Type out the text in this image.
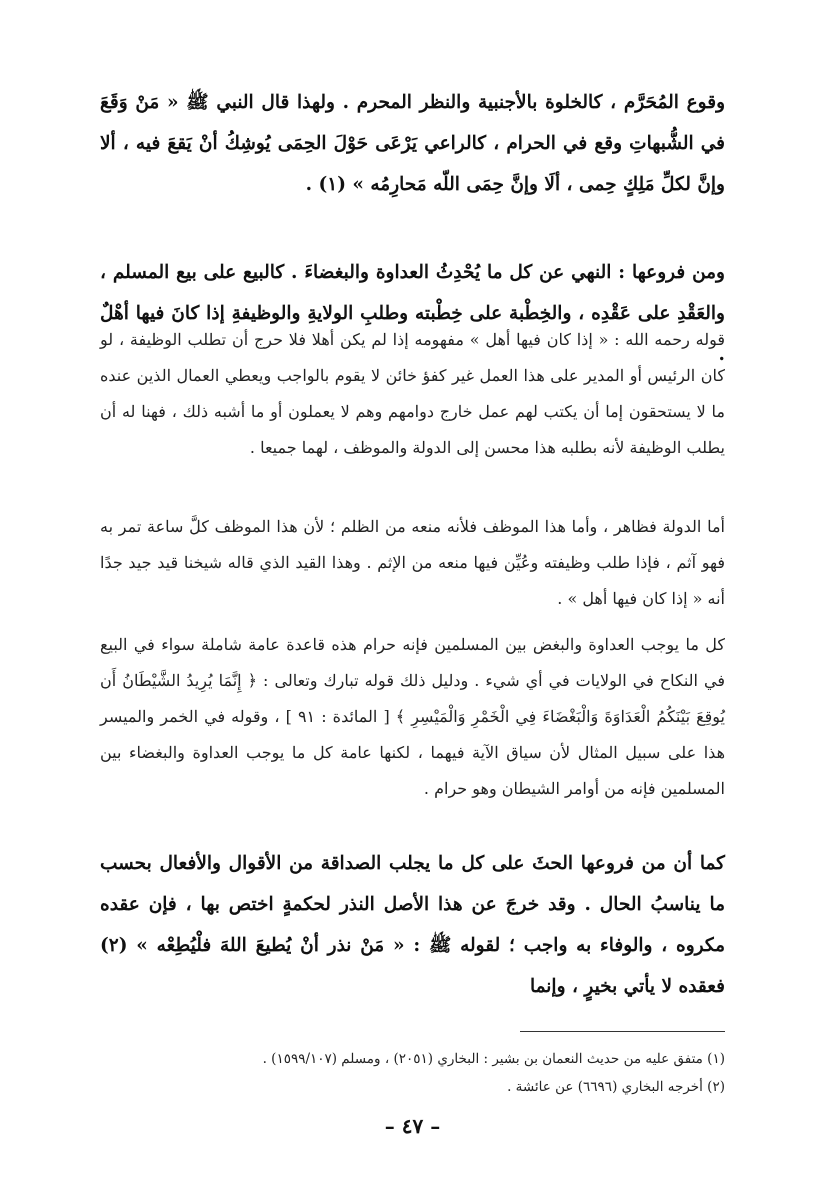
وقوع المُحَرَّم ، كالخلوة بالأجنبية والنظر المحرم . ولهذا قال النبي ﷺ « مَنْ وَقَعَ في الشُّبهاتِ وقع في الحرام ، كالراعي يَرْعَى حَوْلَ الحِمَى يُوشِكُ أنْ يَقعَ فيه ، ألا وإنَّ لكلِّ مَلِكٍ حِمى ، ألَا وإنَّ حِمَى اللّه مَحارِمُه » (١) .

ومن فروعها : النهي عن كل ما يُحْدِثُ العداوة والبغضاءَ . كالبيع على بيع المسلم ، والعَقْدِ على عَقْدِه ، والخِطْبة على خِطْبته وطلبِ الولايةِ والوظيفةِ إذا كانَ فيها أهْلٌ .

قوله رحمه الله : « إذا كان فيها أهل » مفهومه إذا لم يكن أهلا فلا حرج أن تطلب الوظيفة ، لو كان الرئيس أو المدير على هذا العمل غير كفؤ خائن لا يقوم بالواجب ويعطي العمال الذين عنده ما لا يستحقون إما أن يكتب لهم عمل خارج دوامهم وهم لا يعملون أو ما أشبه ذلك ، فهنا له أن يطلب الوظيفة لأنه بطلبه هذا محسن إلى الدولة والموظف ، لهما جميعا .

أما الدولة فظاهر ، وأما هذا الموظف فلأنه منعه من الظلم ؛ لأن هذا الموظف كلَّ ساعة تمر به فهو آثم ، فإذا طلب وظيفته وعُيِّن فيها منعه من الإثم . وهذا القيد الذي قاله شيخنا قيد جيد جدًا أنه « إذا كان فيها أهل » .

كل ما يوجب العداوة والبغض بين المسلمين فإنه حرام هذه قاعدة عامة شاملة سواء في البيع في النكاح في الولايات في أي شيء . ودليل ذلك قوله تبارك وتعالى : ﴿ إِنَّمَا يُرِيدُ الشَّيْطَانُ أَن يُوقِعَ بَيْنَكُمُ الْعَدَاوَةَ وَالْبَغْضَاءَ فِي الْخَمْرِ وَالْمَيْسِرِ ﴾ [ المائدة : ٩١ ] ، وقوله في الخمر والميسر هذا على سبيل المثال لأن سياق الآية فيهما ، لكنها عامة كل ما يوجب العداوة والبغضاء بين المسلمين فإنه من أوامر الشيطان وهو حرام .

كما أن من فروعها الحثَ على كل ما يجلب الصداقة من الأقوال والأفعال بحسب ما يناسبُ الحال . وقد خرجَ عن هذا الأصل النذر لحكمةٍ اختص بها ، فإن عقده مكروه ، والوفاء به واجب ؛ لقوله ﷺ : « مَنْ نذر أنْ يُطيعَ اللهَ فلْيُطِعْه » (٢) فعقده لا يأتي بخيرٍ ، وإنما

(١) متفق عليه من حديث النعمان بن بشير : البخاري (٢٠٥١) ، ومسلم (١٥٩٩/١٠٧) .

(٢) أخرجه البخاري (٦٦٩٦) عن عائشة .

– ٤٧ –
